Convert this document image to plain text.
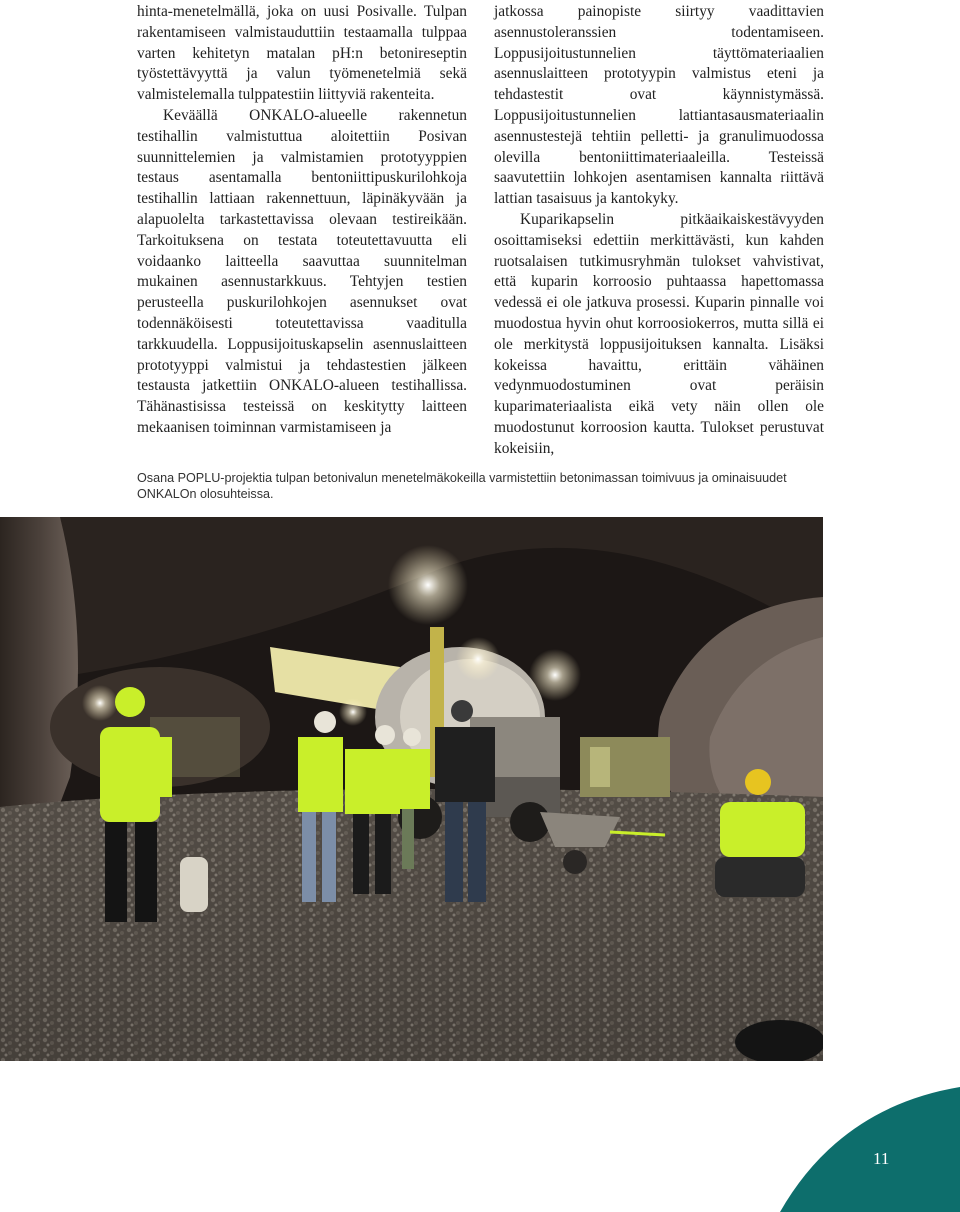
hinta-menetelmällä, joka on uusi Posivalle. Tulpan rakentamiseen valmistauduttiin testaamalla tulppaa varten kehitetyn matalan pH:n betonireseptin työstettävyyttä ja valun työmenetelmiä sekä valmistelemalla tulppatestiin liittyviä rakenteita.

Keväällä ONKALO-alueelle rakennetun testihallin valmistuttua aloitettiin Posivan suunnittelemien ja valmistamien prototyyppien testaus asentamalla bentoniittipuskurilohkoja testihallin lattiaan rakennettuun, läpinäkyvään ja alapuolelta tarkastettavissa olevaan testireikään. Tarkoituksena on testata toteutettavuutta eli voidaanko laitteella saavuttaa suunnitelman mukainen asennustarkkuus. Tehtyjen testien perusteella puskurilohkojen asennukset ovat todennäköisesti toteutettavissa vaaditulla tarkkuudella. Loppusijoituskapselin asennuslaitteen prototyyppi valmistui ja tehdastestien jälkeen testausta jatkettiin ONKALO-alueen testihallissa. Tähänastisissa testeissä on keskitytty laitteen mekaanisen toiminnan varmistamiseen ja

jatkossa painopiste siirtyy vaadittavien asennustoleranssien todentamiseen. Loppusijoitustunnelien täyttömateriaalien asennuslaitteen prototyypin valmistus eteni ja tehdastestit ovat käynnistymässä. Loppusijoitustunnelien lattiantasausmateriaalin asennustestejä tehtiin pelletti- ja granulimuodossa olevilla bentoniittimateriaaleilla. Testeissä saavutettiin lohkojen asentamisen kannalta riittävä lattian tasaisuus ja kantokyky.

Kuparikapselin pitkäaikaiskestävyyden osoittamiseksi edettiin merkittävästi, kun kahden ruotsalaisen tutkimusryhmän tulokset vahvistivat, että kuparin korroosio puhtaassa hapettomassa vedessä ei ole jatkuva prosessi. Kuparin pinnalle voi muodostua hyvin ohut korroosiokerros, mutta sillä ei ole merkitystä loppusijoituksen kannalta. Lisäksi kokeissa havaittu, erittäin vähäinen vedynmuodostuminen ovat peräisin kuparimateriaalista eikä vety näin ollen ole muodostunut korroosion kautta. Tulokset perustuvat kokeisiin,

Osana POPLU-projektia tulpan betonivalun menetelmäkokeilla varmistettiin betonimassan toimivuus ja ominaisuudet ONKALOn olosuhteissa.
11
